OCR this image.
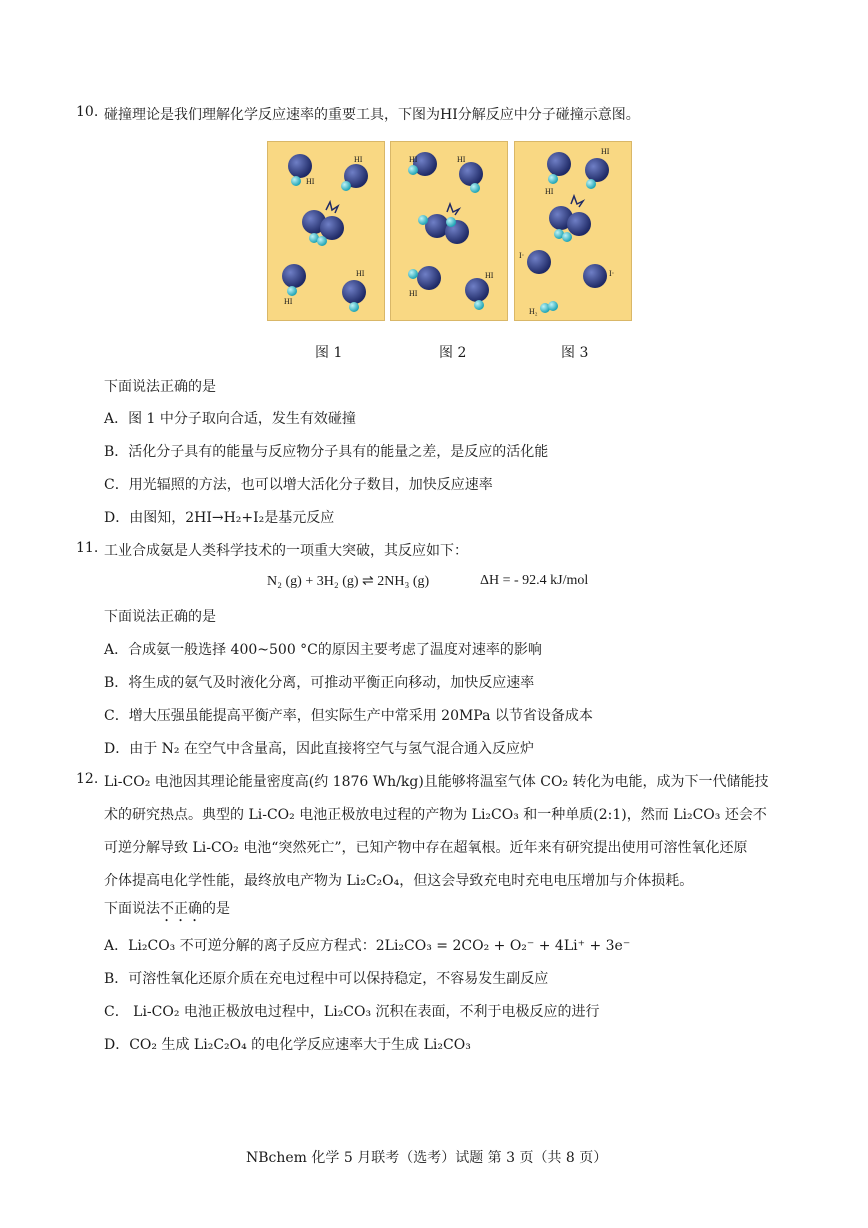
10. 碰撞理论是我们理解化学反应速率的重要工具，下图为HI分解反应中分子碰撞示意图。
HI
HI
HI
HI
HI	HI
HI
HI
HI
HI
I·
I·
H₂
图 1	图 2	图 3
下面说法正确的是
A．图 1 中分子取向合适，发生有效碰撞
B．活化分子具有的能量与反应物分子具有的能量之差，是反应的活化能
C．用光辐照的方法，也可以增大活化分子数目，加快反应速率
D．由图知，2HI→H₂+I₂是基元反应
11. 工业合成氨是人类科学技术的一项重大突破，其反应如下：
N₂ (g) + 3H₂ (g) ⇌ 2NH₃ (g)	ΔH = - 92.4 kJ/mol
下面说法正确的是
A．合成氨一般选择 400~500 °C的原因主要考虑了温度对速率的影响
B．将生成的氨气及时液化分离，可推动平衡正向移动，加快反应速率
C．增大压强虽能提高平衡产率，但实际生产中常采用 20MPa 以节省设备成本
D．由于 N₂ 在空气中含量高，因此直接将空气与氢气混合通入反应炉
12. Li-CO₂ 电池因其理论能量密度高(约 1876 Wh/kg)且能够将温室气体 CO₂ 转化为电能，成为下一代储能技
术的研究热点。典型的 Li-CO₂ 电池正极放电过程的产物为 Li₂CO₃ 和一种单质(2:1)，然而 Li₂CO₃ 还会不
可逆分解导致 Li-CO₂ 电池“突然死亡”，已知产物中存在超氧根。近年来有研究提出使用可溶性氧化还原
介体提高电化学性能，最终放电产物为 Li₂C₂O₄，但这会导致充电时充电电压增加与介体损耗。
下面说法不正确的是
A．Li₂CO₃ 不可逆分解的离子反应方程式：2Li₂CO₃ = 2CO₂ + O₂⁻ + 4Li⁺ + 3e⁻
B．可溶性氧化还原介质在充电过程中可以保持稳定，不容易发生副反应
C． Li-CO₂ 电池正极放电过程中，Li₂CO₃ 沉积在表面，不利于电极反应的进行
D．CO₂ 生成 Li₂C₂O₄ 的电化学反应速率大于生成 Li₂CO₃
NBchem 化学 5 月联考（选考）试题 第 3 页（共 8 页）
